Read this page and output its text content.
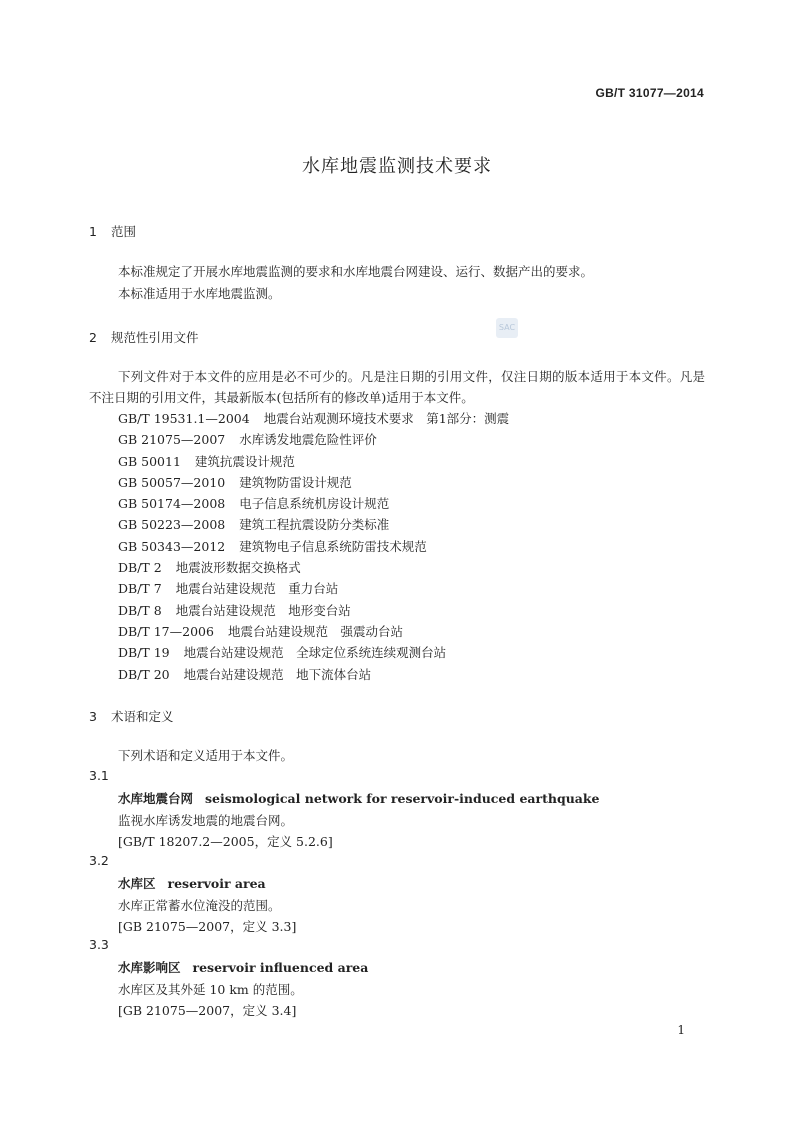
GB/T 31077—2014
水库地震监测技术要求
1 范围
本标准规定了开展水库地震监测的要求和水库地震台网建设、运行、数据产出的要求。
本标准适用于水库地震监测。
SAC
2 规范性引用文件
下列文件对于本文件的应用是必不可少的。凡是注日期的引用文件，仅注日期的版本适用于本文件。凡是不注日期的引用文件，其最新版本(包括所有的修改单)适用于本文件。
GB/T 19531.1—2004 地震台站观测环境技术要求　第1部分：测震
GB 21075—2007 水库诱发地震危险性评价
GB 50011 建筑抗震设计规范
GB 50057—2010 建筑物防雷设计规范
GB 50174—2008 电子信息系统机房设计规范
GB 50223—2008 建筑工程抗震设防分类标准
GB 50343—2012 建筑物电子信息系统防雷技术规范
DB/T 2 地震波形数据交换格式
DB/T 7 地震台站建设规范　重力台站
DB/T 8 地震台站建设规范　地形变台站
DB/T 17—2006 地震台站建设规范　强震动台站
DB/T 19 地震台站建设规范　全球定位系统连续观测台站
DB/T 20 地震台站建设规范　地下流体台站
3 术语和定义
下列术语和定义适用于本文件。
3.1
水库地震台网 seismological network for reservoir-induced earthquake
监视水库诱发地震的地震台网。
[GB/T 18207.2—2005，定义 5.2.6]
3.2
水库区 reservoir area
水库正常蓄水位淹没的范围。
[GB 21075—2007，定义 3.3]
3.3
水库影响区 reservoir influenced area
水库区及其外延 10 km 的范围。
[GB 21075—2007，定义 3.4]
1
